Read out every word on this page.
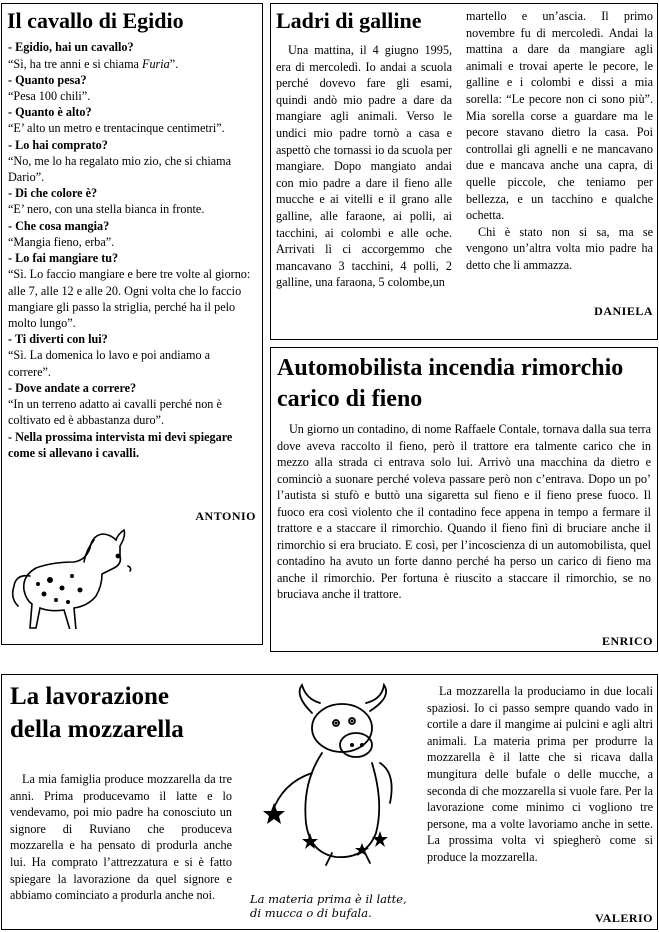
Il cavallo di Egidio

- Egidio, hai un cavallo?

“Sì, ha tre anni e si chiama Furia”.

- Quanto pesa?

“Pesa 100 chili”.

- Quanto è alto?

“E’ alto un metro e trentacinque centimetri”.

- Lo hai comprato?

“No, me lo ha regalato mio zio, che si chiama Dario”.

- Di che colore è?

“E’ nero, con una stella bianca in fronte.

- Che cosa mangia?

“Mangia fieno, erba”.

- Lo fai mangiare tu?

“Sì. Lo faccio mangiare e bere tre volte al giorno: alle 7, alle 12 e alle 20. Ogni volta che lo faccio mangiare gli passo la striglia, perché ha il pelo molto lungo”.

- Ti diverti con lui?

“Sì. La domenica lo lavo e poi andiamo a correre”.

- Dove andate a correre?

“In un terreno adatto ai cavalli perché non è coltivato ed è abbastanza duro”.

- Nella prossima intervista mi devi spiegare come si allevano i cavalli.

ANTONIO
Ladri di galline

Una mattina, il 4 giugno 1995, era di mercoledì. Io andai a scuola perché dovevo fare gli esami, quindi andò mio padre a dare da mangiare agli animali. Verso le undici mio padre tornò a casa e aspettò che tornassi io da scuola per mangiare. Dopo mangiato andai con mio padre a dare il fieno alle mucche e ai vitelli e il grano alle galline, alle faraone, ai polli, ai tacchini, ai colombi e alle oche. Arrivati lì ci accorgemmo che mancavano 3 tacchini, 4 polli, 2 galline, una faraona, 5 colombe,un

martello e un’ascia. Il primo novembre fu di mercoledì. Andai la mattina a dare da mangiare agli animali e trovai aperte le pecore, le galline e i colombi e dissi a mia sorella: “Le pecore non ci sono più”. Mia sorella corse a guardare ma le pecore stavano dietro la casa. Poi controllai gli agnelli e ne mancavano due e mancava anche una capra, di quelle piccole, che teniamo per bellezza, e un tacchino e qualche ochetta.

Chi è stato non si sa, ma se vengono un’altra volta mio padre ha detto che li ammazza.

DANIELA
Automobilista incendia rimorchio carico di fieno

Un giorno un contadino, di nome Raffaele Contale, tornava dalla sua terra dove aveva raccolto il fieno, però il trattore era talmente carico che in mezzo alla strada ci entrava solo lui. Arrivò una macchina da dietro e cominciò a suonare perché voleva passare però non c’entrava. Dopo un po’ l’autista si stufò e buttò una sigaretta sul fieno e il fieno prese fuoco. Il fuoco era così violento che il contadino fece appena in tempo a fermare il trattore e a staccare il rimorchio. Quando il fieno finì di bruciare anche il rimorchio si era bruciato. E così, per l’incoscienza di un automobilista, quel contadino ha avuto un forte danno perché ha perso un carico di fieno ma anche il rimorchio. Per fortuna è riuscito a staccare il rimorchio, se no bruciava anche il trattore.

ENRICO
La lavorazione
della mozzarella

La mia famiglia produce mozzarella da tre anni. Prima producevamo il latte e lo vendevamo, poi mio padre ha conosciuto un signore di Ruviano che produceva mozzarella e ha pensato di produrla anche lui. Ha comprato l’attrezzatura e si è fatto spiegare la lavorazione da quel signore e abbiamo cominciato a produrla anche noi.	La materia prima è il latte, di mucca o di bufala.

La mozzarella la produciamo in due locali spaziosi. Io ci passo sempre quando vado in cortile a dare il mangime ai pulcini e agli altri animali. La materia prima per produrre la mozzarella è il latte che si ricava dalla mungitura delle bufale o delle mucche, a seconda di che mozzarella si vuole fare. Per la lavorazione come minimo ci vogliono tre persone, ma a volte lavoriamo anche in sette. La prossima volta vi spiegherò come si produce la mozzarella.

VALERIO
